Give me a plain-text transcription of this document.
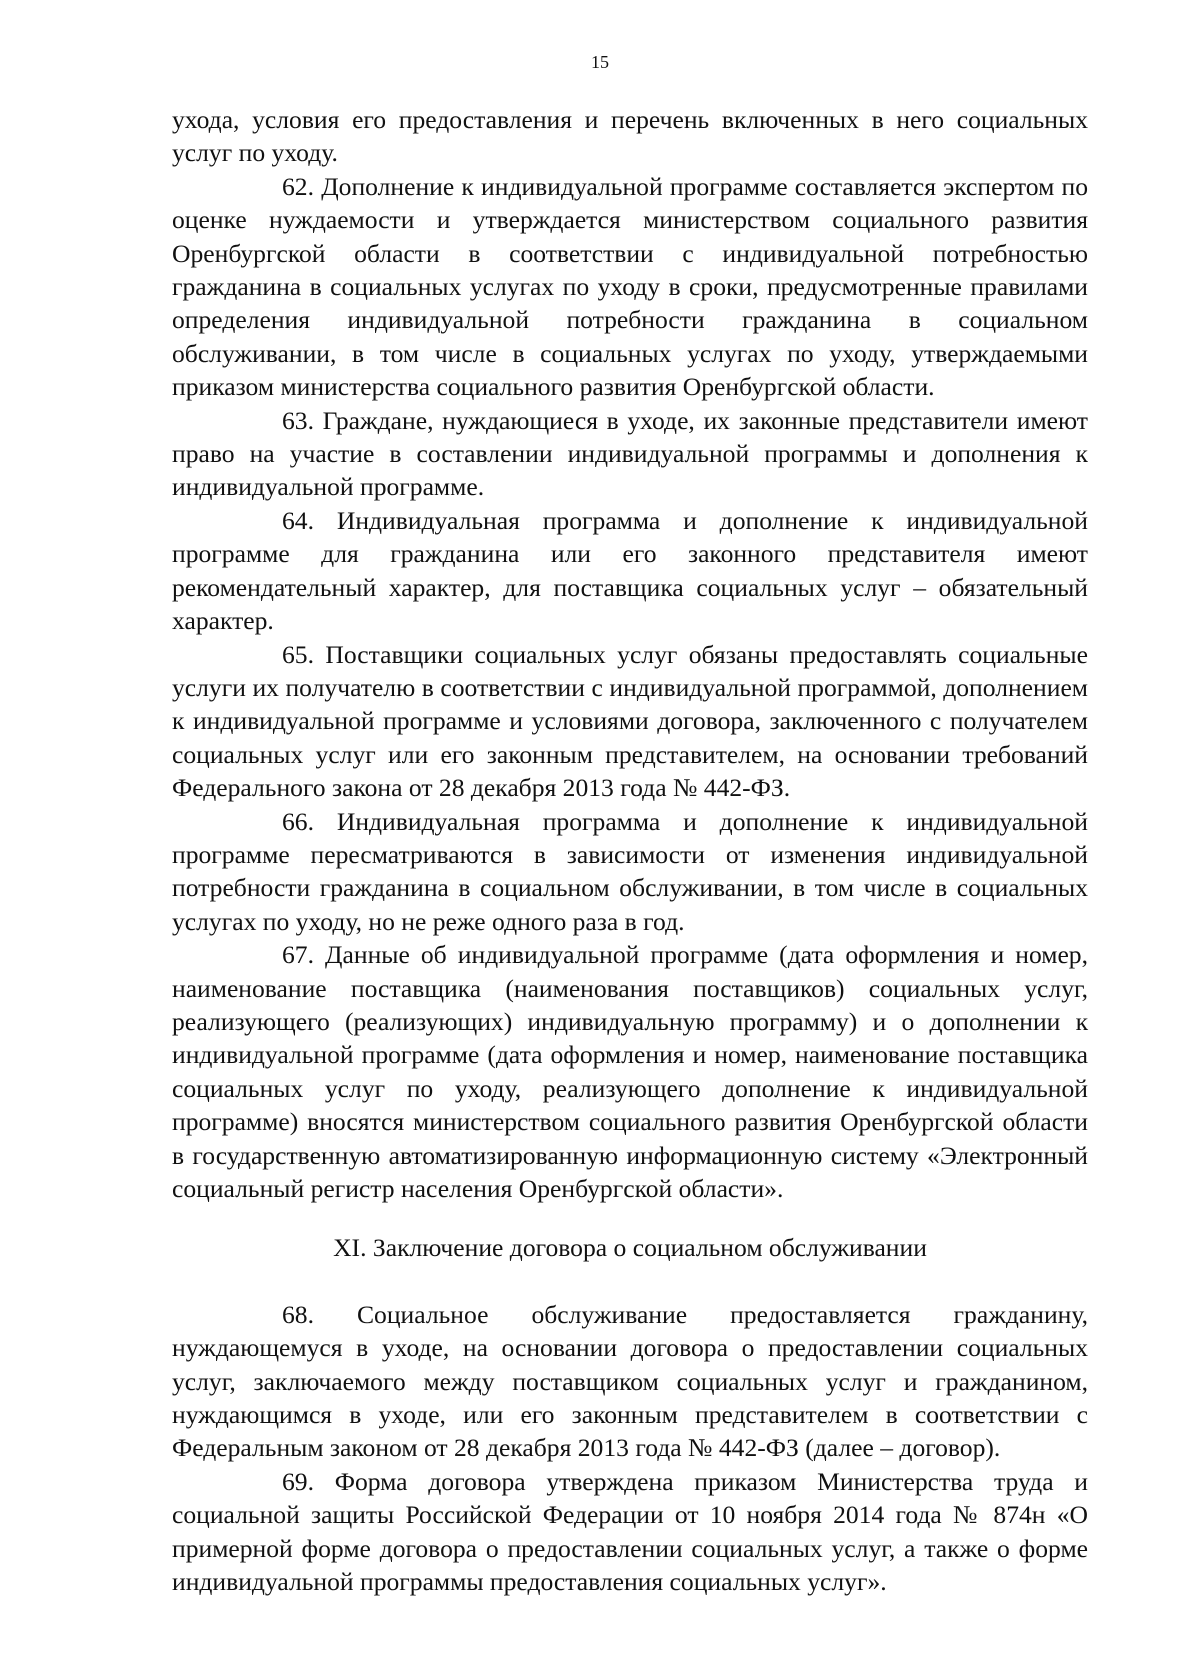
15

ухода, условия его предоставления и перечень включенных в него социальных услуг по уходу.

62. Дополнение к индивидуальной программе составляется экспертом по оценке нуждаемости и утверждается министерством социального развития Оренбургской области в соответствии с индивидуальной потребностью гражданина в социальных услугах по уходу в сроки, предусмотренные правилами определения индивидуальной потребности гражданина в социальном обслуживании, в том числе в социальных услугах по уходу, утверждаемыми приказом министерства социального развития Оренбургской области.

63. Граждане, нуждающиеся в уходе, их законные представители имеют право на участие в составлении индивидуальной программы и дополнения к индивидуальной программе.

64. Индивидуальная программа и дополнение к индивидуальной программе для гражданина или его законного представителя имеют рекомендательный характер, для поставщика социальных услуг – обязательный характер.

65. Поставщики социальных услуг обязаны предоставлять социальные услуги их получателю в соответствии с индивидуальной программой, дополнением к индивидуальной программе и условиями договора, заключенного с получателем социальных услуг или его законным представителем, на основании требований Федерального закона от 28 декабря 2013 года № 442-ФЗ.

66. Индивидуальная программа и дополнение к индивидуальной программе пересматриваются в зависимости от изменения индивидуальной потребности гражданина в социальном обслуживании, в том числе в социальных услугах по уходу, но не реже одного раза в год.

67. Данные об индивидуальной программе (дата оформления и номер, наименование поставщика (наименования поставщиков) социальных услуг, реализующего (реализующих) индивидуальную программу) и о дополнении к индивидуальной программе (дата оформления и номер, наименование поставщика социальных услуг по уходу, реализующего дополнение к индивидуальной программе) вносятся министерством социального развития Оренбургской области в государственную автоматизированную информационную систему «Электронный социальный регистр населения Оренбургской области».

XI. Заключение договора о социальном обслуживании

68. Социальное обслуживание предоставляется гражданину, нуждающемуся в уходе, на основании договора о предоставлении социальных услуг, заключаемого между поставщиком социальных услуг и гражданином, нуждающимся в уходе, или его законным представителем в соответствии с Федеральным законом от 28 декабря 2013 года № 442-ФЗ (далее – договор).

69. Форма договора утверждена приказом Министерства труда и социальной защиты Российской Федерации от 10 ноября 2014 года № 874н «О примерной форме договора о предоставлении социальных услуг, а также о форме индивидуальной программы предоставления социальных услуг».
